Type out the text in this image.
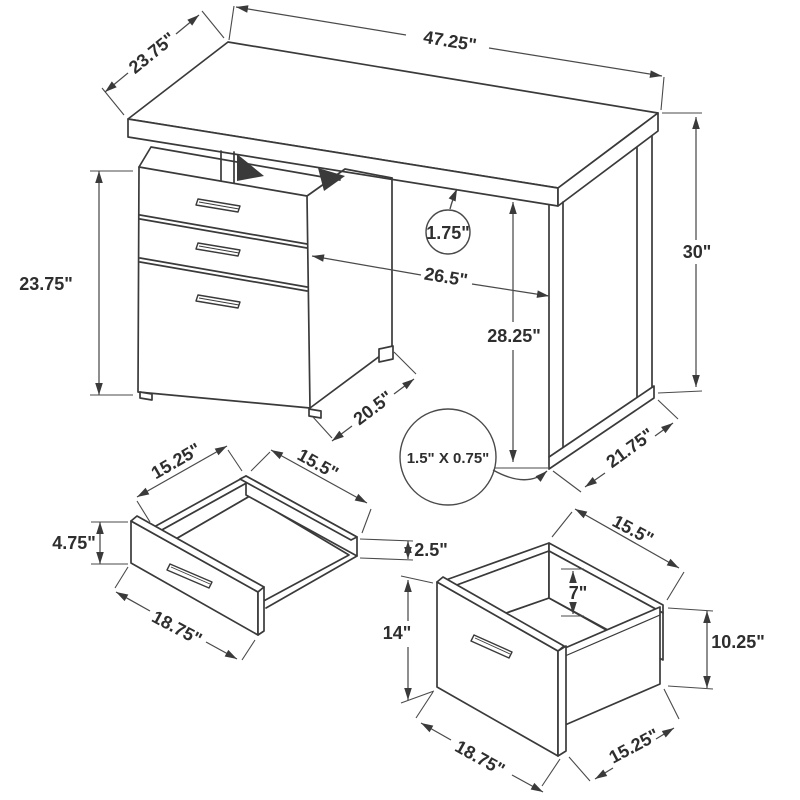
47.25"
23.75"
23.75"
1.75"
26.5"
28.25"
30"
20.5"
21.75"
1.5" X 0.75"
15.25"	15.5"
4.75"	2.5"
18.75"
15.5"
7"
14"	10.25"
18.75"	15.25"
